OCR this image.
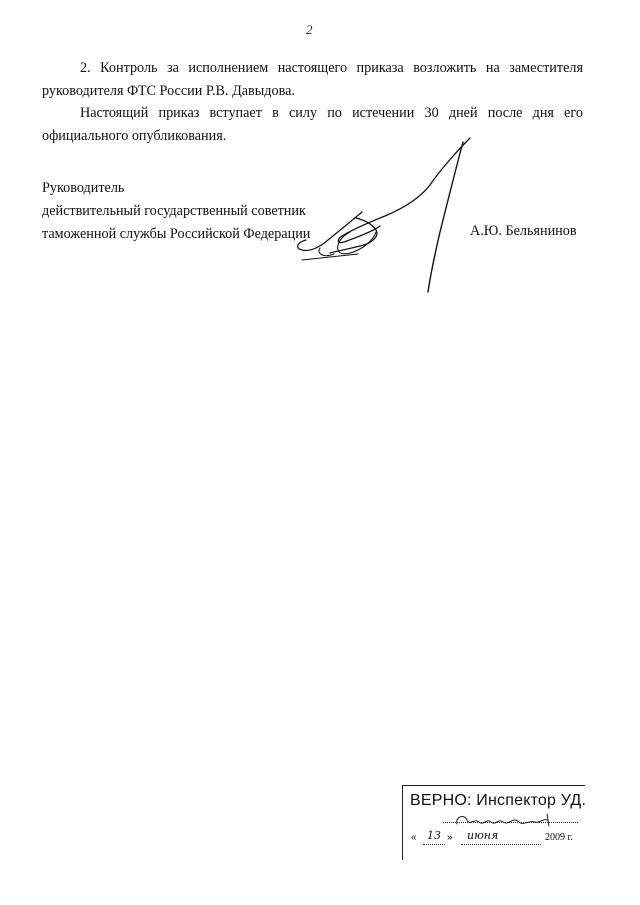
2
2. Контроль за исполнением настоящего приказа возложить на заместителя
руководителя ФТС России Р.В. Давыдова.
Настоящий приказ вступает в силу по истечении 30 дней после дня его
официального опубликования.
Руководитель
действительный государственный советник
таможенной службы Российской Федерации	А.Ю. Бельянинов
ВЕРНО: Инспектор УД.
« 13 » июня	2009 г.
